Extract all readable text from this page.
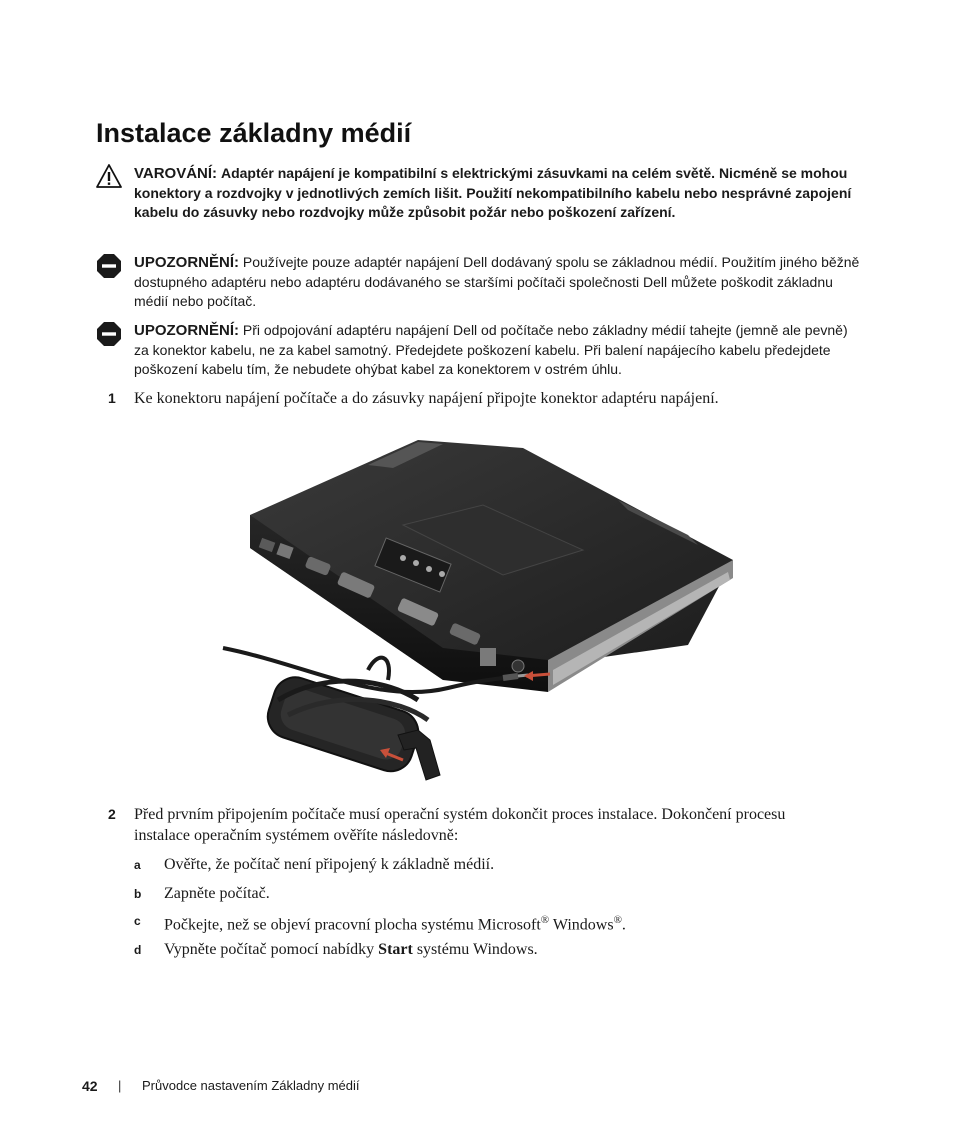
Instalace základny médií
VAROVÁNÍ: Adaptér napájení je kompatibilní s elektrickými zásuvkami na celém světě. Nicméně se mohou konektory a rozdvojky v jednotlivých zemích lišit. Použití nekompatibilního kabelu nebo nesprávné zapojení kabelu do zásuvky nebo rozdvojky může způsobit požár nebo poškození zařízení.
UPOZORNĚNÍ: Používejte pouze adaptér napájení Dell dodávaný spolu se základnou médií. Použitím jiného běžně dostupného adaptéru nebo adaptéru dodávaného se staršími počítači společnosti Dell můžete poškodit základnu médií nebo počítač.
UPOZORNĚNÍ: Při odpojování adaptéru napájení Dell od počítače nebo základny médií tahejte (jemně ale pevně) za konektor kabelu, ne za kabel samotný. Předejdete poškození kabelu. Při balení napájecího kabelu předejdete poškození kabelu tím, že nebudete ohýbat kabel za konektorem v ostrém úhlu.
1 Ke konektoru napájení počítače a do zásuvky napájení připojte konektor adaptéru napájení.
2 Před prvním připojením počítače musí operační systém dokončit proces instalace. Dokončení procesu instalace operačním systémem ověříte následovně:
a Ověřte, že počítač není připojený k základně médií.
b Zapněte počítač.
c Počkejte, než se objeví pracovní plocha systému Microsoft® Windows®.
d Vypněte počítač pomocí nabídky Start systému Windows.
42 | Průvodce nastavením Základny médií
